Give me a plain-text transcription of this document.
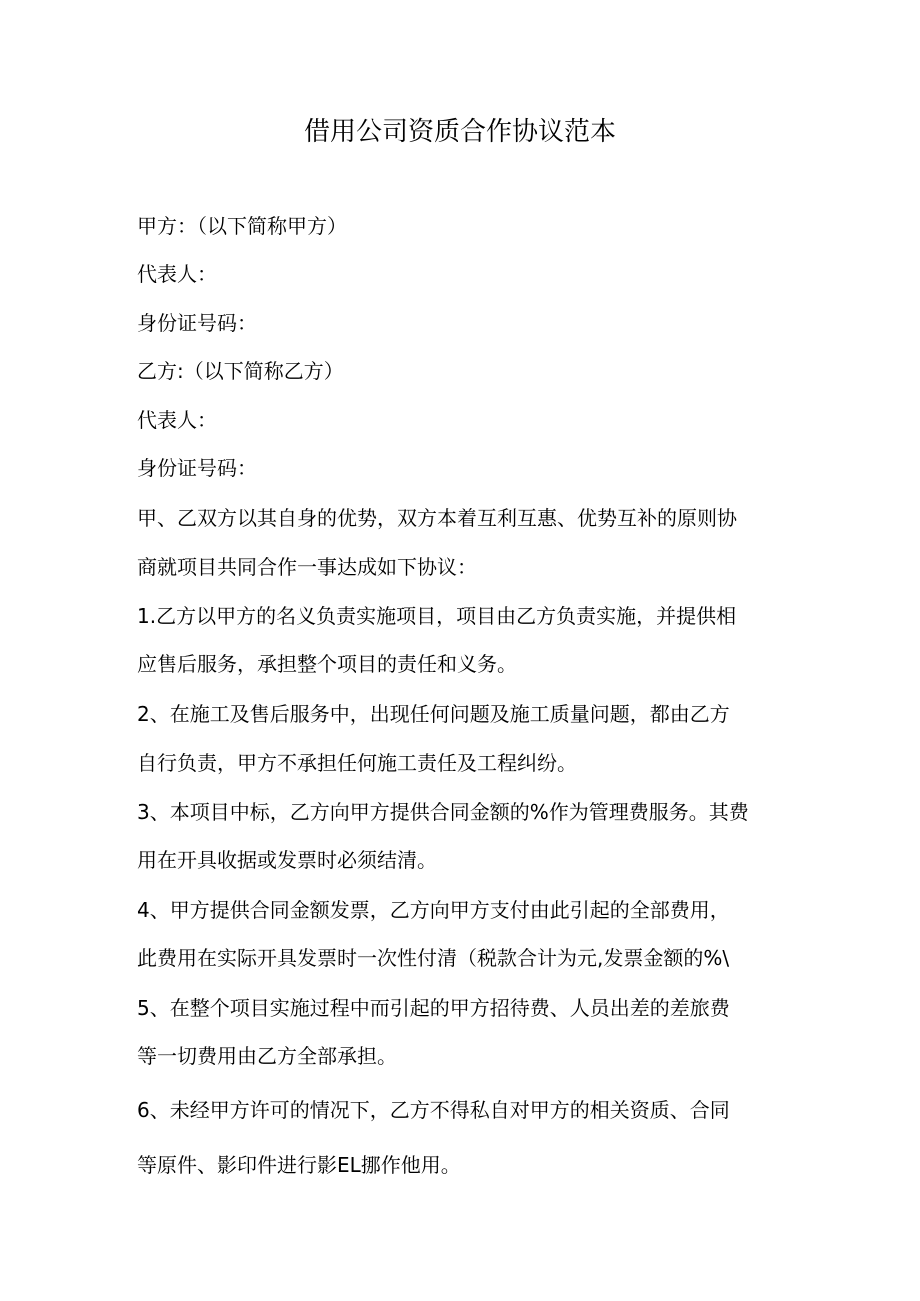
借用公司资质合作协议范本
甲方：（以下简称甲方）
代表人：
身份证号码：
乙方:（以下简称乙方）
代表人：
身份证号码：
甲、乙双方以其自身的优势，双方本着互利互惠、优势互补的原则协
商就项目共同合作一事达成如下协议：
1.乙方以甲方的名义负责实施项目，项目由乙方负责实施，并提供相
应售后服务，承担整个项目的责任和义务。
2、在施工及售后服务中，出现任何问题及施工质量问题，都由乙方
自行负责，甲方不承担任何施工责任及工程纠纷。
3、本项目中标，乙方向甲方提供合同金额的%作为管理费服务。其费
用在开具收据或发票时必须结清。
4、甲方提供合同金额发票，乙方向甲方支付由此引起的全部费用，
此费用在实际开具发票时一次性付清（税款合计为元,发票金额的%\
5、在整个项目实施过程中而引起的甲方招待费、人员出差的差旅费
等一切费用由乙方全部承担。
6、未经甲方许可的情况下，乙方不得私自对甲方的相关资质、合同
等原件、影印件进行影EL挪作他用。
